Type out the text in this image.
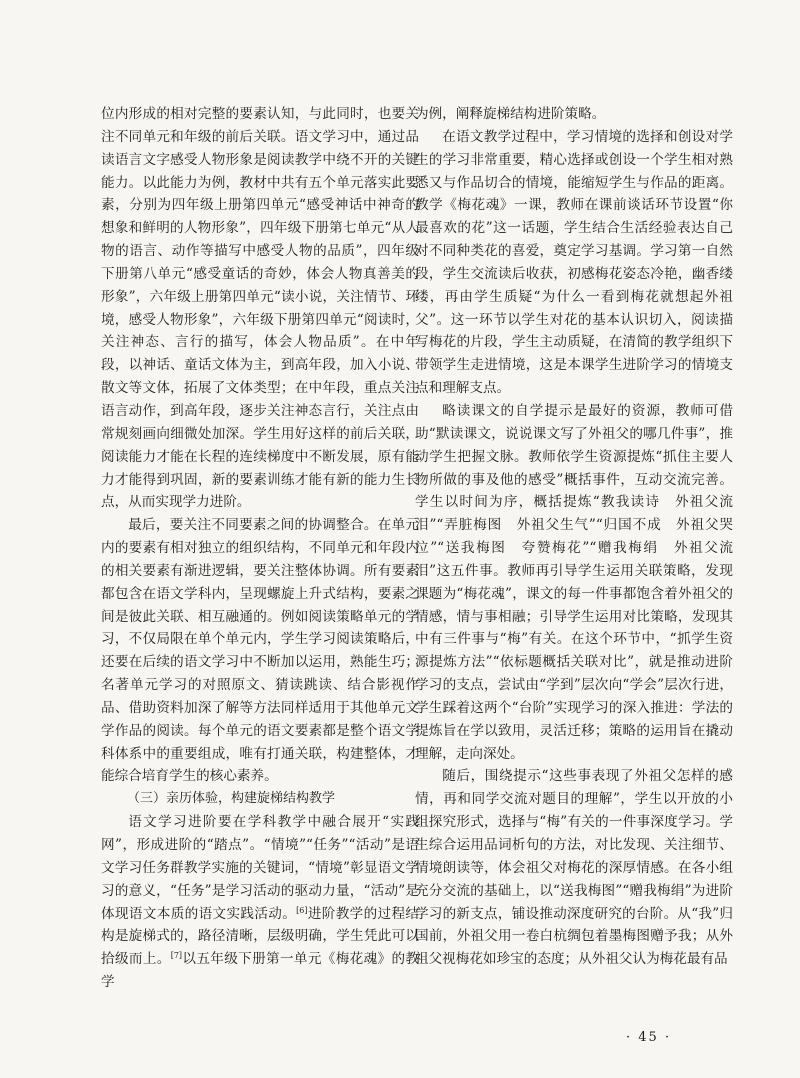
位内形成的相对完整的要素认知，与此同时，也要关注不同单元和年级的前后关联。语文学习中，通过品读语言文字感受人物形象是阅读教学中绕不开的关键能力。以此能力为例，教材中共有五个单元落实此要素，分别为四年级上册第四单元“感受神话中神奇的想象和鲜明的人物形象”，四年级下册第七单元“从人物的语言、动作等描写中感受人物的品质”，四年级下册第八单元“感受童话的奇妙，体会人物真善美的形象”，六年级上册第四单元“读小说，关注情节、环境，感受人物形象”，六年级下册第四单元“阅读时，关注神态、言行的描写，体会人物品质”。在中年段，以神话、童话文体为主，到高年段，加入小说、散文等文体，拓展了文体类型；在中年段，重点关注语言动作，到高年段，逐步关注神态言行，关注点由常规刻画向细微处加深。学生用好这样的前后关联，阅读能力才能在长程的连续梯度中不断发展，原有能力才能得到巩固，新的要素训练才能有新的能力生长点，从而实现学力进阶。

最后，要关注不同要素之间的协调整合。在单元内的要素有相对独立的组织结构，不同单元和年段内的相关要素有渐进逻辑，要关注整体协调。所有要素都包含在语文学科内，呈现螺旋上升式结构，要素之间是彼此关联、相互融通的。例如阅读策略单元的学习，不仅局限在单个单元内，学生学习阅读策略后，还要在后续的语文学习中不断加以运用，熟能生巧；名著单元学习的对照原文、猜读跳读、结合影视作品、借助资料加深了解等方法同样适用于其他单元文学作品的阅读。每个单元的语文要素都是整个语文学科体系中的重要组成，唯有打通关联，构建整体，才能综合培育学生的核心素养。

（三）亲历体验，构建旋梯结构教学

语文学习进阶要在学科教学中融合展开“实践网”，形成进阶的“踏点”。“情境”“任务”“活动”是语文学习任务群教学实施的关键词，“情境”彰显语文学习的意义，“任务”是学习活动的驱动力量，“活动”是体现语文本质的语文实践活动。[6]进阶教学的过程结构是旋梯式的，路径清晰，层级明确，学生凭此可以拾级而上。[7]以五年级下册第一单元《梅花魂》的教学

为例，阐释旋梯结构进阶策略。

在语文教学过程中，学习情境的选择和创设对学生的学习非常重要，精心选择或创设一个学生相对熟悉又与作品切合的情境，能缩短学生与作品的距离。教学《梅花魂》一课，教师在课前谈话环节设置“你最喜欢的花”这一话题，学生结合生活经验表达自己对不同种类花的喜爱，奠定学习基调。学习第一自然段，学生交流读后收获，初感梅花姿态冷艳，幽香缕缕，再由学生质疑“为什么一看到梅花就想起外祖父”。这一环节以学生对花的基本认识切入，阅读描写梅花的片段，学生主动质疑，在清简的教学组织下带领学生走进情境，这是本课学生进阶学习的情境支点和理解支点。

略读课文的自学提示是最好的资源，教师可借助“默读课文，说说课文写了外祖父的哪几件事”，推动学生把握文脉。教师依学生资源提炼“抓住主要人物所做的事及他的感受”概括事件，互动交流完善。学生以时间为序，概括提炼“教我读诗　外祖父流泪”“弄脏梅图　外祖父生气”“归国不成　外祖父哭泣”“送我梅图　夸赞梅花”“赠我梅绢　外祖父流泪”这五件事。教师再引导学生运用关联策略，发现课题为“梅花魂”，课文的每一件事都饱含着外祖父的情感，情与事相融；引导学生运用对比策略，发现其中有三件事与“梅”有关。在这个环节中，“抓学生资源提炼方法”“依标题概括关联对比”，就是推动进阶学习的支点，尝试由“学到”层次向“学会”层次行进，学生踩着这两个“台阶”实现学习的深入推进：学法的提炼旨在学以致用，灵活迁移；策略的运用旨在撬动理解，走向深处。

随后，围绕提示“这些事表现了外祖父怎样的感情，再和同学交流对题目的理解”，学生以开放的小组探究形式，选择与“梅”有关的一件事深度学习。学生综合运用品词析句的方法，对比发现、关注细节、情境朗读等，体会祖父对梅花的深厚情感。在各小组充分交流的基础上，以“送我梅图”“赠我梅绢”为进阶学习的新支点，铺设推动深度研究的台阶。从“我”归国前，外祖父用一卷白杭绸包着墨梅图赠予我；从外祖父视梅花如珍宝的态度；从外祖父认为梅花最有品

· 45 ·
